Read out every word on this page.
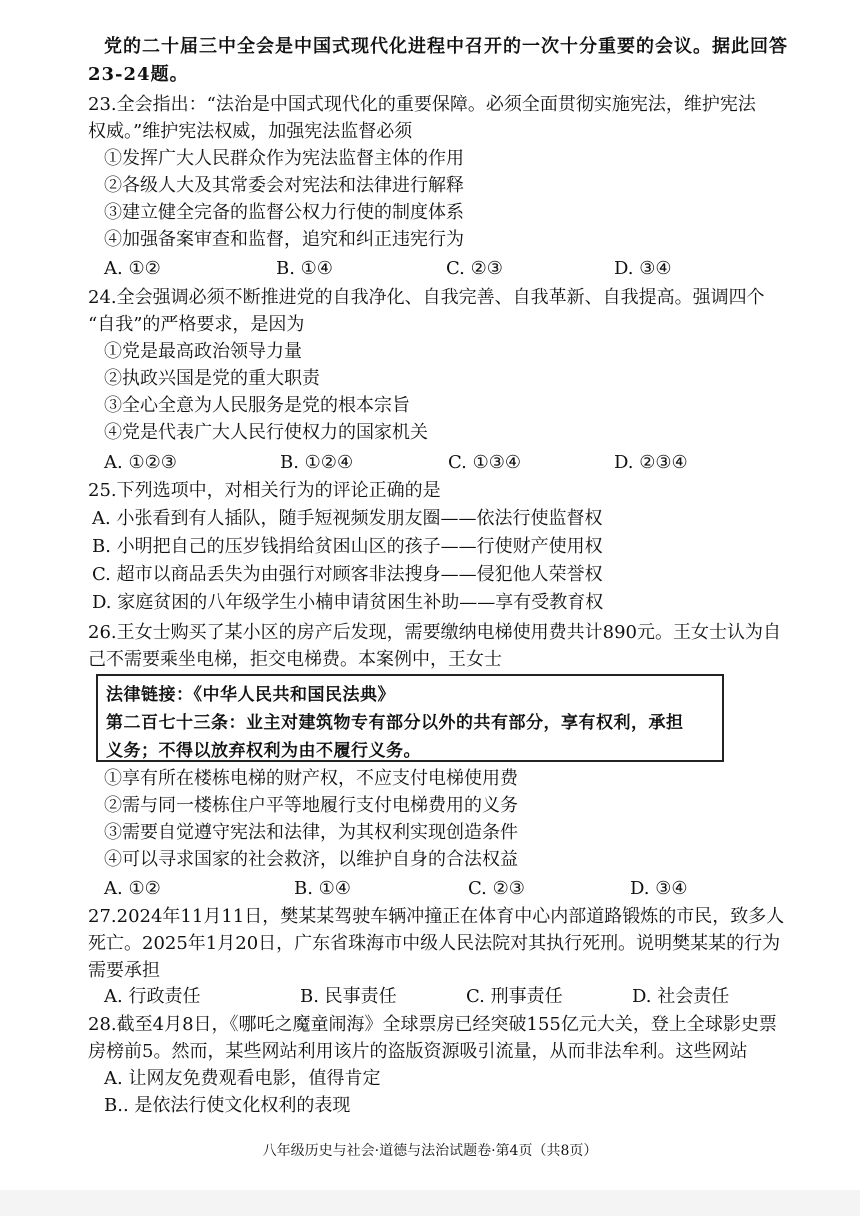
党的二十届三中全会是中国式现代化进程中召开的一次十分重要的会议。据此回答
23-24题。
23.全会指出：“法治是中国式现代化的重要保障。必须全面贯彻实施宪法，维护宪法
权威。”维护宪法权威，加强宪法监督必须
①发挥广大人民群众作为宪法监督主体的作用
②各级人大及其常委会对宪法和法律进行解释
③建立健全完备的监督公权力行使的制度体系
④加强备案审查和监督，追究和纠正违宪行为
A. ①②	B. ①④	C. ②③	D. ③④
24.全会强调必须不断推进党的自我净化、自我完善、自我革新、自我提高。强调四个
“自我”的严格要求，是因为
①党是最高政治领导力量
②执政兴国是党的重大职责
③全心全意为人民服务是党的根本宗旨
④党是代表广大人民行使权力的国家机关
A. ①②③	B. ①②④	C. ①③④	D. ②③④
25.下列选项中，对相关行为的评论正确的是
A. 小张看到有人插队，随手短视频发朋友圈——依法行使监督权
B. 小明把自己的压岁钱捐给贫困山区的孩子——行使财产使用权
C. 超市以商品丢失为由强行对顾客非法搜身——侵犯他人荣誉权
D. 家庭贫困的八年级学生小楠申请贫困生补助——享有受教育权
26.王女士购买了某小区的房产后发现，需要缴纳电梯使用费共计890元。王女士认为自
己不需要乘坐电梯，拒交电梯费。本案例中，王女士
法律链接：《中华人民共和国民法典》
第二百七十三条：业主对建筑物专有部分以外的共有部分，享有权利，承担
义务；不得以放弃权利为由不履行义务。
①享有所在楼栋电梯的财产权，不应支付电梯使用费
②需与同一楼栋住户平等地履行支付电梯费用的义务
③需要自觉遵守宪法和法律，为其权利实现创造条件
④可以寻求国家的社会救济，以维护自身的合法权益
A. ①②	B. ①④	C. ②③	D. ③④
27.2024年11月11日，樊某某驾驶车辆冲撞正在体育中心内部道路锻炼的市民，致多人
死亡。2025年1月20日，广东省珠海市中级人民法院对其执行死刑。说明樊某某的行为
需要承担
A. 行政责任	B. 民事责任	C. 刑事责任	D. 社会责任
28.截至4月8日，《哪吒之魔童闹海》全球票房已经突破155亿元大关，登上全球影史票
房榜前5。然而，某些网站利用该片的盗版资源吸引流量，从而非法牟利。这些网站
A. 让网友免费观看电影，值得肯定
B.. 是依法行使文化权利的表现
八年级历史与社会·道德与法治试题卷·第4页（共8页）
